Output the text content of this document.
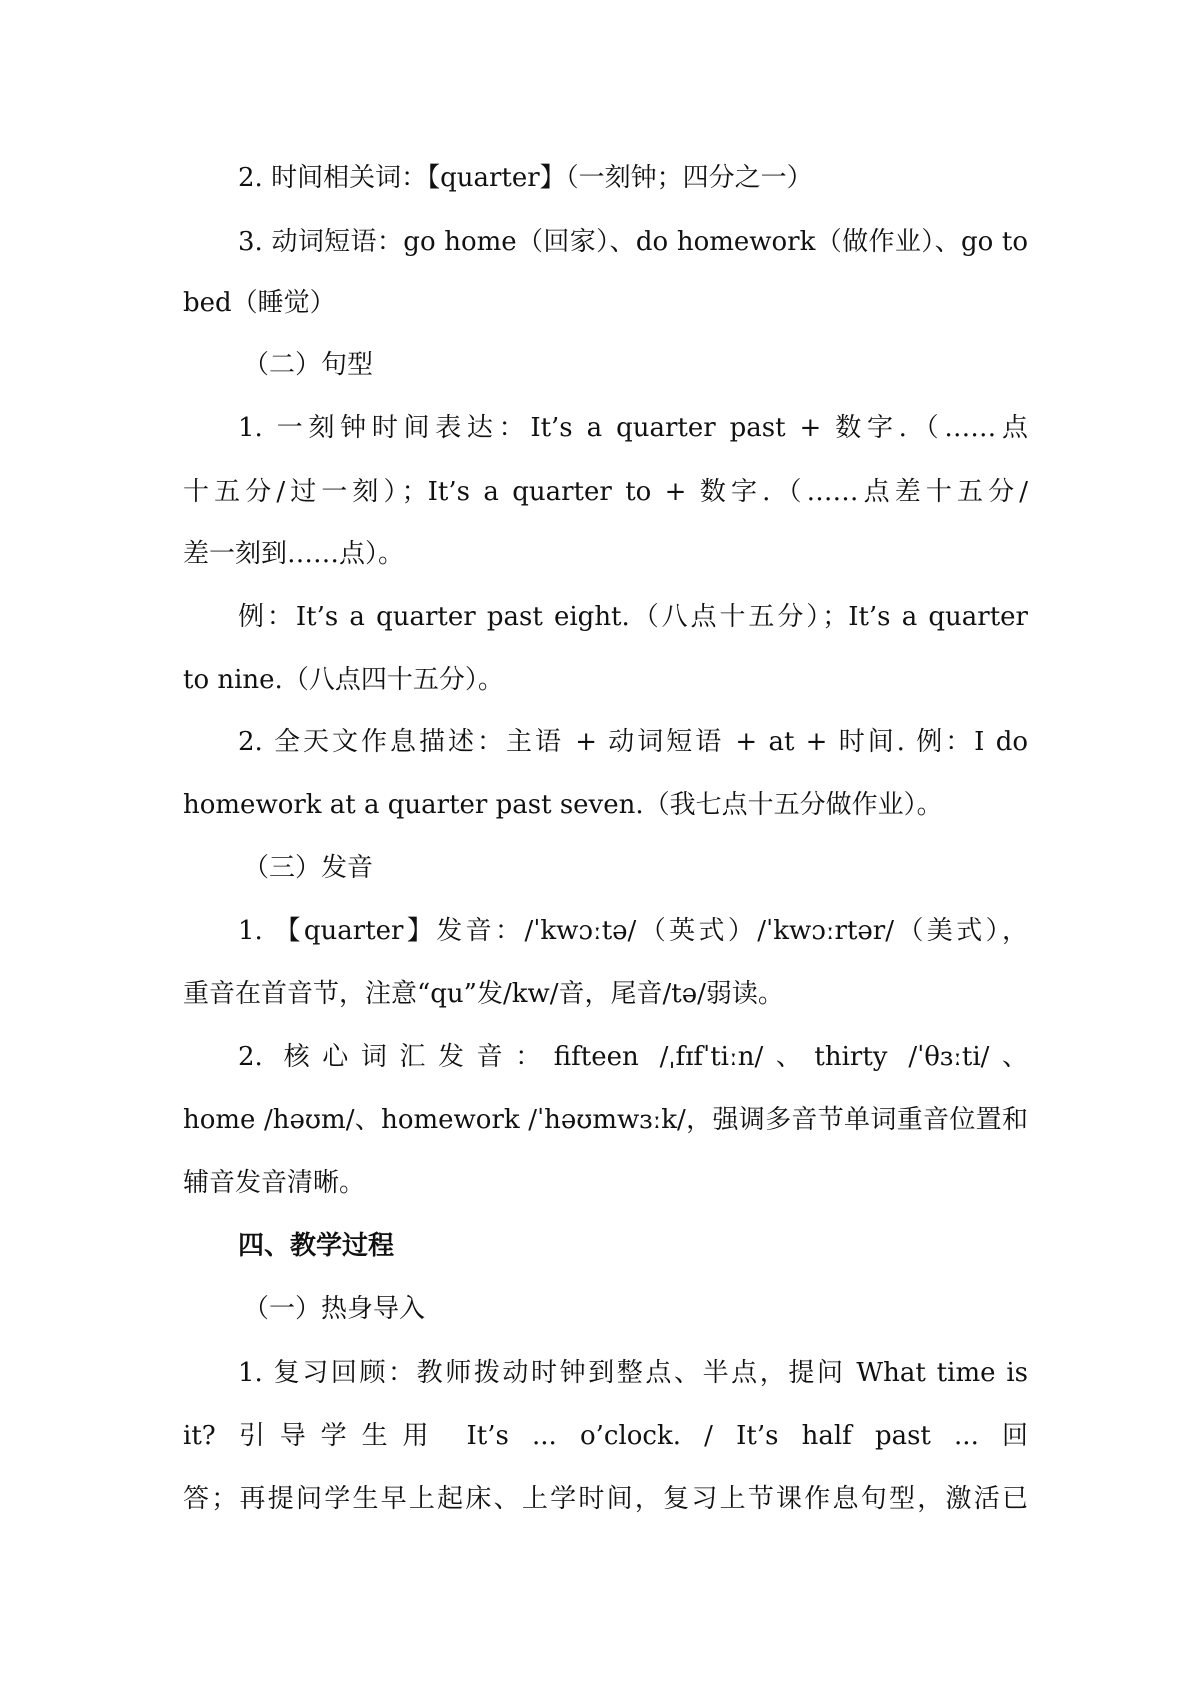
2. 时间相关词：【quarter】（一刻钟；四分之一）
3. 动词短语：go home（回家）、do homework（做作业）、go to
bed（睡觉）
（二）句型
1. 一刻钟时间表达：It’s a quarter past + 数字.（……点
十五分/过一刻）；It’s a quarter to + 数字.（……点差十五分/
差一刻到……点）。
例：It’s a quarter past eight.（八点十五分）；It’s a quarter
to nine.（八点四十五分）。
2. 全天文作息描述：主语 + 动词短语 + at + 时间. 例：I do
homework at a quarter past seven.（我七点十五分做作业）。
（三）发音
1. 【quarter】发音：/ˈkwɔːtə/（英式）/ˈkwɔːrtər/（美式），
重音在首音节，注意“qu”发/kw/音，尾音/tə/弱读。
2. 核心词汇发音：fifteen /ˌfɪfˈtiːn/、thirty /ˈθɜːti/、
home /həʊm/、homework /ˈhəʊmwɜːk/，强调多音节单词重音位置和
辅音发音清晰。
四、教学过程
（一）热身导入
1. 复习回顾：教师拨动时钟到整点、半点，提问 What time is
it? 引导学生用 It’s ... o’clock. / It’s half past ... 回
答；再提问学生早上起床、上学时间，复习上节课作息句型，激活已
